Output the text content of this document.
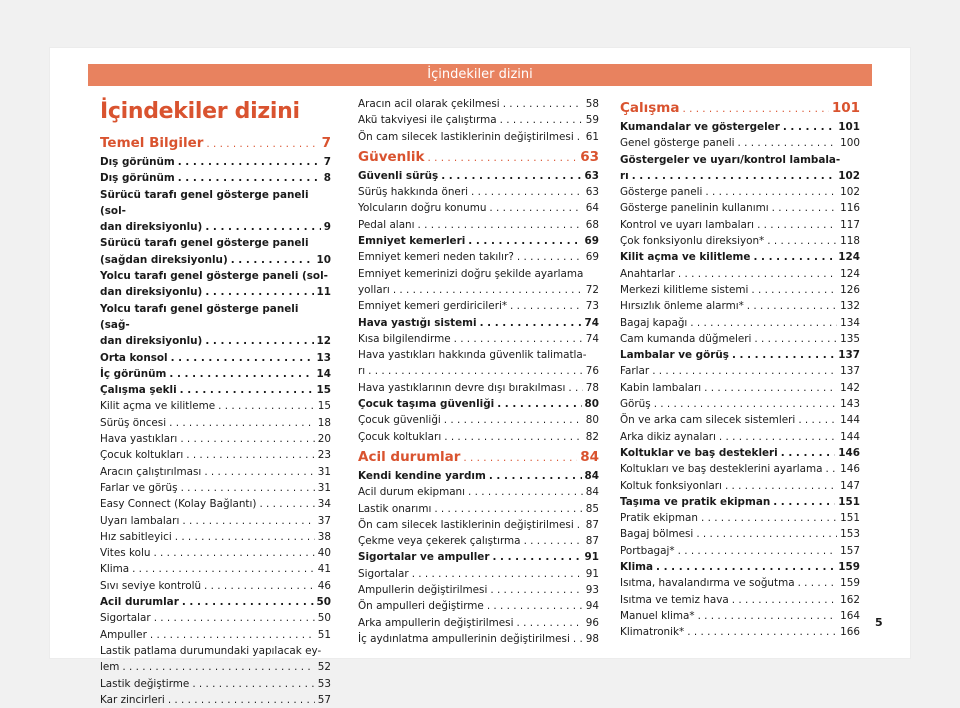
İçindekiler dizini
İçindekiler dizini
Temel Bilgiler . . .	7
Dış görünüm . . .	7
Dış görünüm . . .	8
Sürücü tarafı genel gösterge paneli (sol-
dan direksiyonlu) . . .	9
Sürücü tarafı genel gösterge paneli
(sağdan direksiyonlu) . . .	10
Yolcu tarafı genel gösterge paneli (sol-
dan direksiyonlu) . . .	11
Yolcu tarafı genel gösterge paneli (sağ-
dan direksiyonlu) . . .	12
Orta konsol . . .	13
İç görünüm . . .	14
Çalışma şekli . . .	15
Kilit açma ve kilitleme . . .	15
Sürüş öncesi . . .	18
Hava yastıkları . . .	20
Çocuk koltukları . . .	23
Aracın çalıştırılması . . .	31
Farlar ve görüş . . .	31
Easy Connect (Kolay Bağlantı) . . .	34
Uyarı lambaları . . .	37
Hız sabitleyici . . .	38
Vites kolu . . .	40
Klima . . .	41
Sıvı seviye kontrolü . . .	46
Acil durumlar . . .	50
Sigortalar . . .	50
Ampuller . . .	51
Lastik patlama durumundaki yapılacak ey-
lem . . .	52
Lastik değiştirme . . .	53
Kar zincirleri . . .	57
Aracın acil olarak çekilmesi . . .	58
Akü takviyesi ile çalıştırma . . .	59
Ön cam silecek lastiklerinin değiştirilmesi . . . 61
Güvenlik . . .	63
Güvenli sürüş . . .	63
Sürüş hakkında öneri . . .	63
Yolcuların doğru konumu . . .	64
Pedal alanı . . .	68
Emniyet kemerleri . . .	69
Emniyet kemeri neden takılır? . . .	69
Emniyet kemerinizi doğru şekilde ayarlama
yolları . . .	72
Emniyet kemeri gerdiricileri* . . .	73
Hava yastığı sistemi . . .	74
Kısa bilgilendirme . . .	74
Hava yastıkları hakkında güvenlik talimatla-
rı . . .	76
Hava yastıklarının devre dışı bırakılması . . . 78
Çocuk taşıma güvenliği . . .	80
Çocuk güvenliği . . .	80
Çocuk koltukları . . .	82
Acil durumlar . . .	84
Kendi kendine yardım . . .	84
Acil durum ekipmanı . . .	84
Lastik onarımı . . .	85
Ön cam silecek lastiklerinin değiştirilmesi . . . 87
Çekme veya çekerek çalıştırma . . .	87
Sigortalar ve ampuller . . .	91
Sigortalar . . .	91
Ampullerin değiştirilmesi . . .	93
Ön ampulleri değiştirme . . .	94
Arka ampullerin değiştirilmesi . . .	96
İç aydınlatma ampullerinin değiştirilmesi . . . 98
Çalışma . . .	101
Kumandalar ve göstergeler . . .	101
Genel gösterge paneli . . .	100
Göstergeler ve uyarı/kontrol lambala-
rı . . .	102
Gösterge paneli . . .	102
Gösterge panelinin kullanımı . . .	116
Kontrol ve uyarı lambaları . . .	117
Çok fonksiyonlu direksiyon* . . .	118
Kilit açma ve kilitleme . . .	124
Anahtarlar . . .	124
Merkezi kilitleme sistemi . . .	126
Hırsızlık önleme alarmı* . . .	132
Bagaj kapağı . . .	134
Cam kumanda düğmeleri . . .	135
Lambalar ve görüş . . .	137
Farlar . . .	137
Kabin lambaları . . .	142
Görüş . . .	143
Ön ve arka cam silecek sistemleri . . .	144
Arka dikiz aynaları . . .	144
Koltuklar ve baş destekleri . . .	146
Koltukları ve baş desteklerini ayarlama . . . 146
Koltuk fonksiyonları . . .	147
Taşıma ve pratik ekipman . . .	151
Pratik ekipman . . .	151
Bagaj bölmesi . . .	153
Portbagaj* . . .	157
Klima . . .	159
Isıtma, havalandırma ve soğutma . . .	159
Isıtma ve temiz hava . . .	162
Manuel klima* . . .	164
Klimatronik* . . .	166
5
